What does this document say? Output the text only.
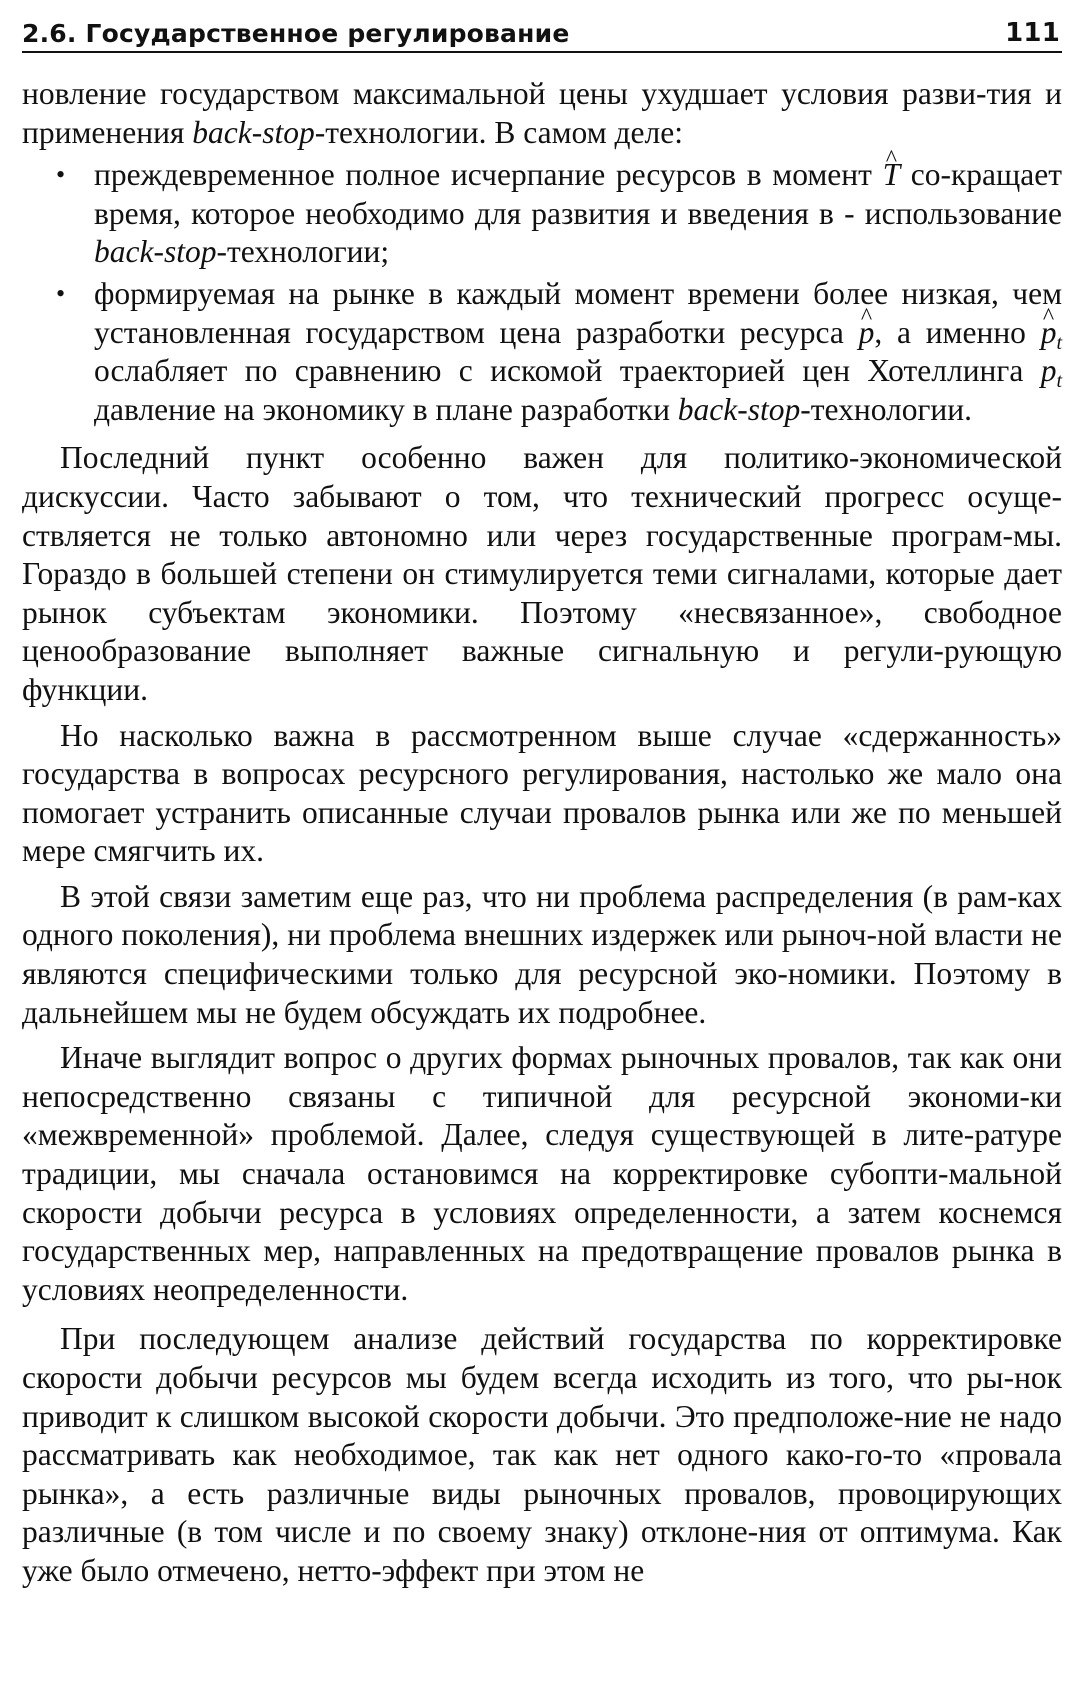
2.6. Государственное регулирование	111

новление государством максимальной цены ухудшает условия разви-тия и применения back-stop-технологии. В самом деле:

• преждевременное полное исчерпание ресурсов в момент ^ T со-кращает время, которое необходимо для развития и введения в - использование back-stop-технологии;
• формируемая на рынке в каждый момент времени более низкая, чем установленная государством цена разработки ресурса ^ p, а именно ^ $p_t$ ослабляет по сравнению с искомой траекторией цен Хотеллинга $p_t$ давление на экономику в плане разработки back-stop-технологии.

Последний пункт особенно важен для политико-экономической дискуссии. Часто забывают о том, что технический прогресс осуще-ствляется не только автономно или через государственные програм-мы. Гораздо в большей степени он стимулируется теми сигналами, которые дает рынок субъектам экономики. Поэтому «несвязанное», свободное ценообразование выполняет важные сигнальную и регули-рующую функции.

Но насколько важна в рассмотренном выше случае «сдержанность» государства в вопросах ресурсного регулирования, настолько же мало она помогает устранить описанные случаи провалов рынка или же по меньшей мере смягчить их.

В этой связи заметим еще раз, что ни проблема распределения (в рам-ках одного поколения), ни проблема внешних издержек или рыноч-ной власти не являются специфическими только для ресурсной эко-номики. Поэтому в дальнейшем мы не будем обсуждать их подробнее.

Иначе выглядит вопрос о других формах рыночных провалов, так как они непосредственно связаны с типичной для ресурсной экономи-ки «межвременной» проблемой. Далее, следуя существующей в лите-ратуре традиции, мы сначала остановимся на корректировке субопти-мальной скорости добычи ресурса в условиях определенности, а затем коснемся государственных мер, направленных на предотвращение провалов рынка в условиях неопределенности.

При последующем анализе действий государства по корректировке скорости добычи ресурсов мы будем всегда исходить из того, что ры-нок приводит к слишком высокой скорости добычи. Это предположе-ние не надо рассматривать как необходимое, так как нет одного како-го-то «провала рынка», а есть различные виды рыночных провалов, провоцирующих различные (в том числе и по своему знаку) отклоне-ния от оптимума. Как уже было отмечено, нетто-эффект при этом не
